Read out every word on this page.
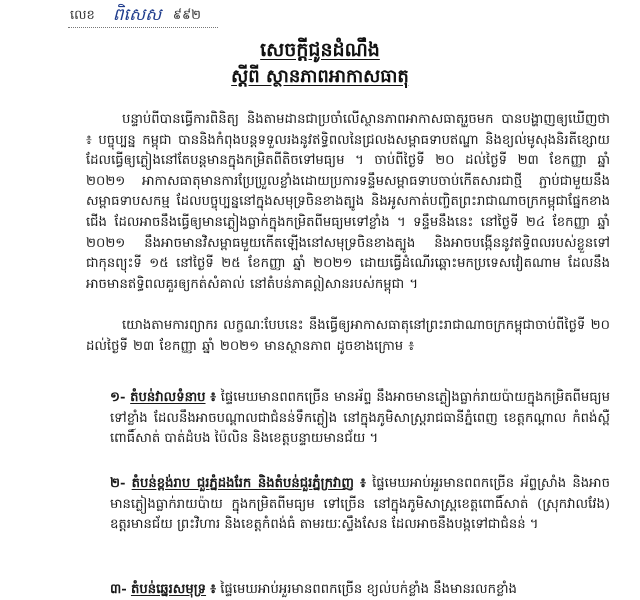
លេខ ពិសេស ៩៩២
សេចក្តីជូនដំណឹង
ស្តីពី ស្ថានភាពអាកាសធាតុ
បន្ទាប់ពីបានធ្វើការពិនិត្យ និងតាមដានជាប្រចាំលើស្ថានភាពអាកាសធាតុរួចមក បានបង្ហាញឲ្យឃើញថា ៖ បច្ចុប្បន្ន កម្ពុជា បាននិងកំពុងបន្តទទួលរងនូវឥទ្ធិពលនៃជ្រលងសម្ពាធទាបឥណ្ឌា និងខ្យល់មូសុងនិរតីខ្សោយ ដែលធ្វើឲ្យភ្លៀងនៅតែបន្តមានក្នុងកម្រិតពីតិចទៅមធ្យម ។ ចាប់ពីថ្ងៃទី ២០ ដល់ថ្ងៃទី ២៣ ខែកញ្ញា ឆ្នាំ ២០២១ អាកាសធាតុមានការប្រែប្រួលខ្លាំងដោយប្រការទន្ទឹមសម្ពាធទាបចាប់កើតសារជាថ្មី ភ្ជាប់ជាមួយនឹងសម្ពាធទាបសកម្ម ដែលបច្ចុប្បន្ននៅក្នុងសមុទ្រចិនខាងត្បូង និងអូសកាត់បញ្ចិតព្រះរាជាណាចក្រកម្ពុជាផ្នែកខាងជើង ដែលអាចនឹងធ្វើឲ្យមានភ្លៀងធ្លាក់ក្នុងកម្រិតពីមធ្យមទៅខ្លាំង ។ ទន្ទឹមនឹងនេះ នៅថ្ងៃទី ២៤ ខែកញ្ញា ឆ្នាំ ២០២១ នឹងអាចមានវិសម្ពាធមួយកើតឡើងនៅសមុទ្រចិនខាងត្បូង និងអាចបង្កើននូវឥទ្ធិពលរបស់ខ្លួនទៅជាកុនព្យុះទី ១៥ នៅថ្ងៃទី ២៥ ខែកញ្ញា ឆ្នាំ ២០២១ ដោយធ្វើដំណើរឆ្ពោះមកប្រទេសវៀតណាម ដែលនឹងអាចមានឥទ្ធិពលគួរឲ្យកត់សំគាល់ នៅតំបន់ភាគឦសានរបស់កម្ពុជា ។
យោងតាមការព្យាករ លក្ខណៈបែបនេះ នឹងធ្វើឲ្យអាកាសធាតុនៅព្រះរាជាណាចក្រកម្ពុជាចាប់ពីថ្ងៃទី ២០ ដល់ថ្ងៃទី ២៣ ខែកញ្ញា ឆ្នាំ ២០២១ មានស្ថានភាព ដូចខាងក្រោម ៖
១- តំបន់វាលទំនាប ៖ ផ្ទៃមេឃមានពពកច្រើន មានអ័ព្ទ នឹងអាចមានភ្លៀងធ្លាក់រាយប៉ាយក្នុងកម្រិតពីមធ្យម ទៅខ្លាំង ដែលនឹងអាចបណ្តាលជាជំនន់ទឹកភ្លៀង នៅក្នុងភូមិសាស្ត្ររាជធានីភ្នំពេញ ខេត្តកណ្តាល កំពង់ស្ពឺ ពោធិ៍សាត់ បាត់ដំបង ប៉ៃលិន និងខេត្តបន្ទាយមានជ័យ ។
២- តំបន់ខ្ពង់រាប ជួរភ្នំដងរែក និងតំបន់ជួរភ្នំក្រវាញ ៖ ផ្ទៃមេឃអាប់អួរមានពពកច្រើន អ័ព្ទស្រាំង និងអាចមានភ្លៀងធ្លាក់រាយប៉ាយ ក្នុងកម្រិតពីមធ្យម ទៅច្រើន នៅក្នុងភូមិសាស្ត្រខេត្តពោធិ៍សាត់ (ស្រុកវាលវែង) ឧត្តរមានជ័យ ព្រះវិហារ និងខេត្តកំពង់ធំ តាមរយៈស្ទឹងសែន ដែលអាចនឹងបង្កទៅជាជំនន់ ។
៣- តំបន់ឆ្នេរសមុទ្រ ៖ ផ្ទៃមេឃអាប់អួរមានពពកច្រើន ខ្យល់បក់ខ្លាំង នឹងមានរលកខ្លាំង
